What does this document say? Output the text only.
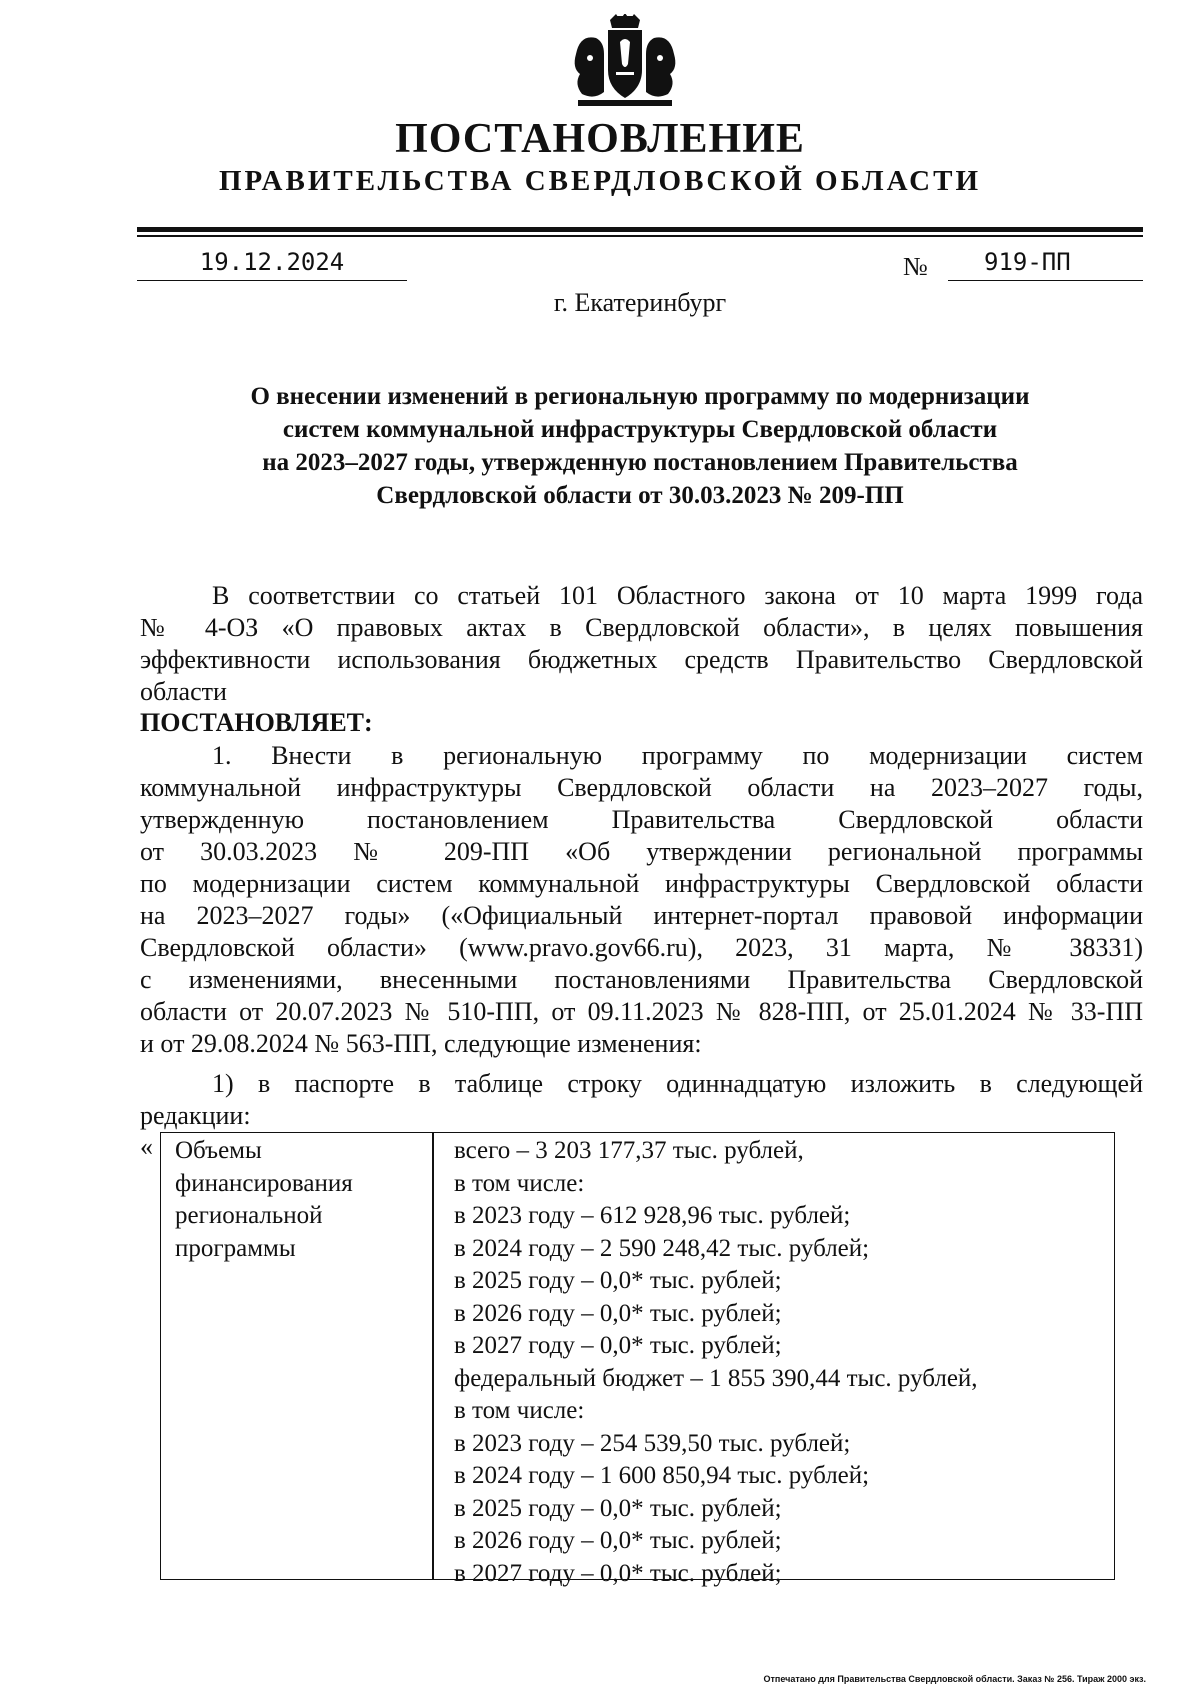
ПОСТАНОВЛЕНИЕ
ПРАВИТЕЛЬСТВА СВЕРДЛОВСКОЙ ОБЛАСТИ
19.12.2024	№	919-ПП
г. Екатеринбург
О внесении изменений в региональную программу по модернизации
систем коммунальной инфраструктуры Свердловской области
на 2023–2027 годы, утвержденную постановлением Правительства
Свердловской области от 30.03.2023 № 209-ПП
В соответствии со статьей 101 Областного закона от 10 марта 1999 года
№ 4-ОЗ «О правовых актах в Свердловской области», в целях повышения
эффективности использования бюджетных средств Правительство Свердловской
области
ПОСТАНОВЛЯЕТ:
1. Внести в региональную программу по модернизации систем
коммунальной инфраструктуры Свердловской области на 2023–2027 годы,
утвержденную постановлением Правительства Свердловской области
от 30.03.2023 № 209-ПП «Об утверждении региональной программы
по модернизации систем коммунальной инфраструктуры Свердловской области
на 2023–2027 годы» («Официальный интернет-портал правовой информации
Свердловской области» (www.pravo.gov66.ru), 2023, 31 марта, № 38331)
с изменениями, внесенными постановлениями Правительства Свердловской
области от 20.07.2023 № 510-ПП, от 09.11.2023 № 828-ПП, от 25.01.2024 № 33-ПП
и от 29.08.2024 № 563-ПП, следующие изменения:
1) в паспорте в таблице строку одиннадцатую изложить в следующей
редакции:
« Объемы
финансирования
региональной
программы
всего – 3 203 177,37 тыс. рублей,
в том числе:
в 2023 году – 612 928,96 тыс. рублей;
в 2024 году – 2 590 248,42 тыс. рублей;
в 2025 году – 0,0* тыс. рублей;
в 2026 году – 0,0* тыс. рублей;
в 2027 году – 0,0* тыс. рублей;
федеральный бюджет – 1 855 390,44 тыс. рублей,
в том числе:
в 2023 году – 254 539,50 тыс. рублей;
в 2024 году – 1 600 850,94 тыс. рублей;
в 2025 году – 0,0* тыс. рублей;
в 2026 году – 0,0* тыс. рублей;
в 2027 году – 0,0* тыс. рублей;
Отпечатано для Правительства Свердловской области. Заказ № 256. Тираж 2000 экз.
